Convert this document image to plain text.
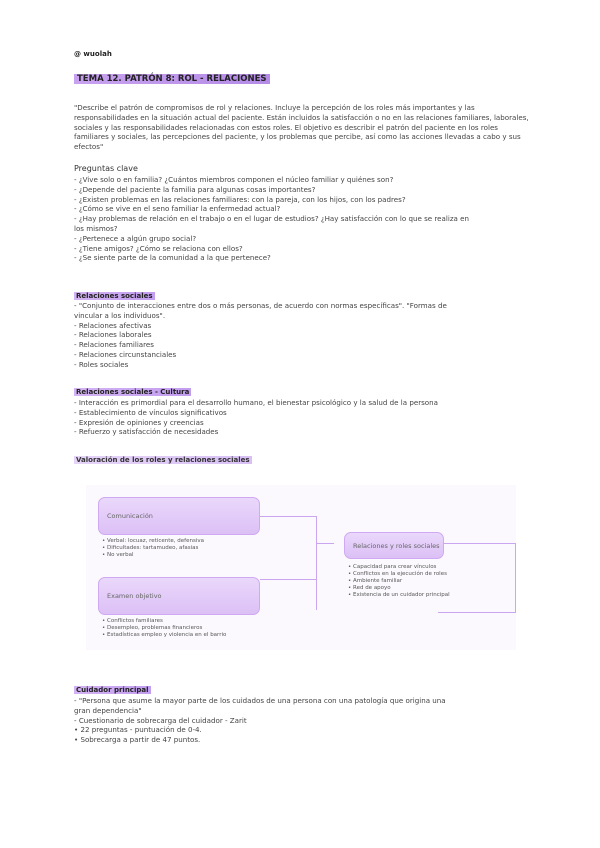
@ wuolah
TEMA 12. PATRÓN 8: ROL - RELACIONES
"Describe el patrón de compromisos de rol y relaciones. Incluye la percepción de los roles más importantes y las responsabilidades en la situación actual del paciente. Están incluidos la satisfacción o no en las relaciones familiares, laborales, sociales y las responsabilidades relacionadas con estos roles. El objetivo es describir el patrón del paciente en los roles familiares y sociales, las percepciones del paciente, y los problemas que percibe, así como las acciones llevadas a cabo y sus efectos"
Preguntas clave
- ¿Vive solo o en familia? ¿Cuántos miembros componen el núcleo familiar y quiénes son?
- ¿Depende del paciente la familia para algunas cosas importantes?
- ¿Existen problemas en las relaciones familiares: con la pareja, con los hijos, con los padres?
- ¿Cómo se vive en el seno familiar la enfermedad actual?
- ¿Hay problemas de relación en el trabajo o en el lugar de estudios? ¿Hay satisfacción con lo que se realiza en
los mismos?
- ¿Pertenece a algún grupo social?
- ¿Tiene amigos? ¿Cómo se relaciona con ellos?
- ¿Se siente parte de la comunidad a la que pertenece?
Relaciones sociales
- "Conjunto de interacciones entre dos o más personas, de acuerdo con normas específicas". "Formas de
vincular a los individuos".
- Relaciones afectivas
- Relaciones laborales
- Relaciones familiares
- Relaciones circunstanciales
- Roles sociales
Relaciones sociales - Cultura
- Interacción es primordial para el desarrollo humano, el bienestar psicológico y la salud de la persona
- Establecimiento de vínculos significativos
- Expresión de opiniones y creencias
- Refuerzo y satisfacción de necesidades
Valoración de los roles y relaciones sociales
Comunicación
• Verbal: locuaz, reticente, defensiva
• Dificultades: tartamudeo, afasias
• No verbal
Examen objetivo
• Conflictos familiares
• Desempleo, problemas financieros
• Estadísticas empleo y violencia en el barrio
Relaciones y roles sociales
• Capacidad para crear vínculos
• Conflictos en la ejecución de roles
• Ambiente familiar
• Red de apoyo
• Existencia de un cuidador principal
Cuidador principal
- "Persona que asume la mayor parte de los cuidados de una persona con una patología que origina una
gran dependencia"
- Cuestionario de sobrecarga del cuidador - Zarit
• 22 preguntas - puntuación de 0-4.
• Sobrecarga a partir de 47 puntos.
